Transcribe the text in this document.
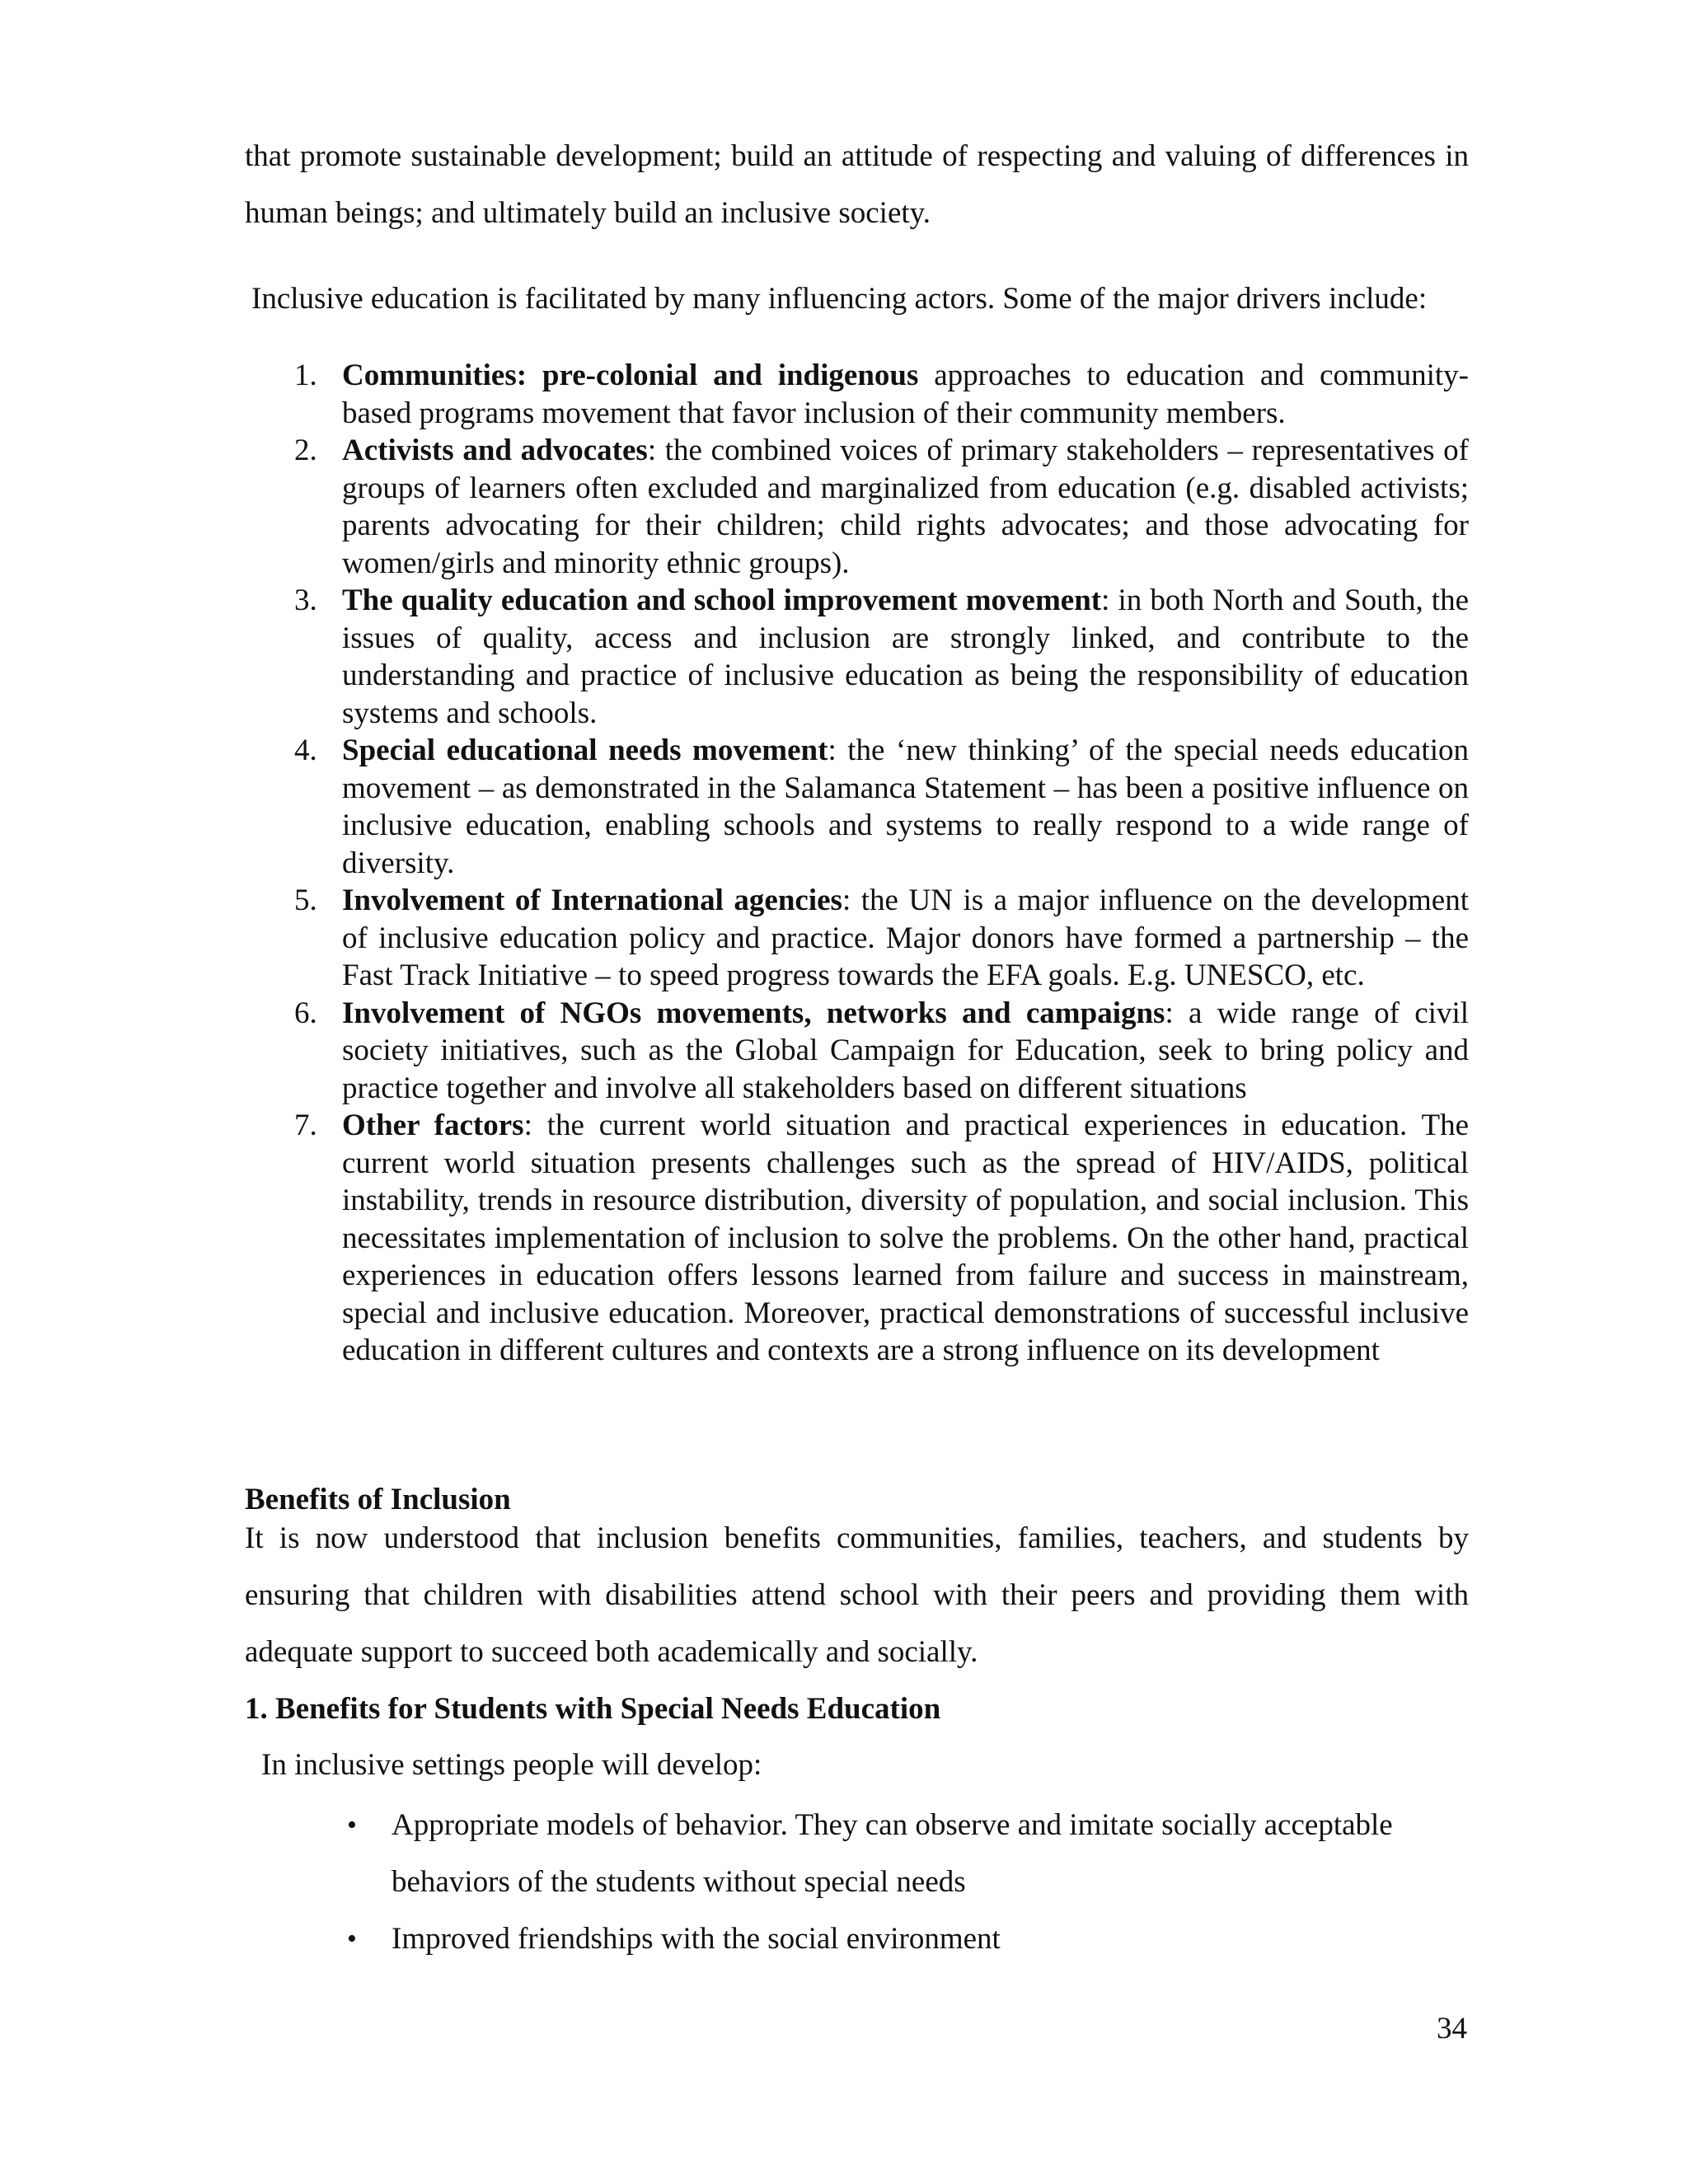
that promote sustainable development; build an attitude of respecting and valuing of differences in human beings; and ultimately build an inclusive society.

Inclusive education is facilitated by many influencing actors. Some of the major drivers include:

1. Communities: pre-colonial and indigenous approaches to education and community-based programs movement that favor inclusion of their community members.
2. Activists and advocates: the combined voices of primary stakeholders – representatives of groups of learners often excluded and marginalized from education (e.g. disabled activists; parents advocating for their children; child rights advocates; and those advocating for women/girls and minority ethnic groups).
3. The quality education and school improvement movement: in both North and South, the issues of quality, access and inclusion are strongly linked, and contribute to the understanding and practice of inclusive education as being the responsibility of education systems and schools.
4. Special educational needs movement: the ‘new thinking’ of the special needs education movement – as demonstrated in the Salamanca Statement – has been a positive influence on inclusive education, enabling schools and systems to really respond to a wide range of diversity.
5. Involvement of International agencies: the UN is a major influence on the development of inclusive education policy and practice. Major donors have formed a partnership – the Fast Track Initiative – to speed progress towards the EFA goals. E.g. UNESCO, etc.
6. Involvement of NGOs movements, networks and campaigns: a wide range of civil society initiatives, such as the Global Campaign for Education, seek to bring policy and practice together and involve all stakeholders based on different situations
7. Other factors: the current world situation and practical experiences in education. The current world situation presents challenges such as the spread of HIV/AIDS, political instability, trends in resource distribution, diversity of population, and social inclusion. This necessitates implementation of inclusion to solve the problems. On the other hand, practical experiences in education offers lessons learned from failure and success in mainstream, special and inclusive education. Moreover, practical demonstrations of successful inclusive education in different cultures and contexts are a strong influence on its development

Benefits of Inclusion

It is now understood that inclusion benefits communities, families, teachers, and students by ensuring that children with disabilities attend school with their peers and providing them with adequate support to succeed both academically and socially.

1. Benefits for Students with Special Needs Education

In inclusive settings people will develop:

• Appropriate models of behavior. They can observe and imitate socially acceptable behaviors of the students without special needs
• Improved friendships with the social environment
34
